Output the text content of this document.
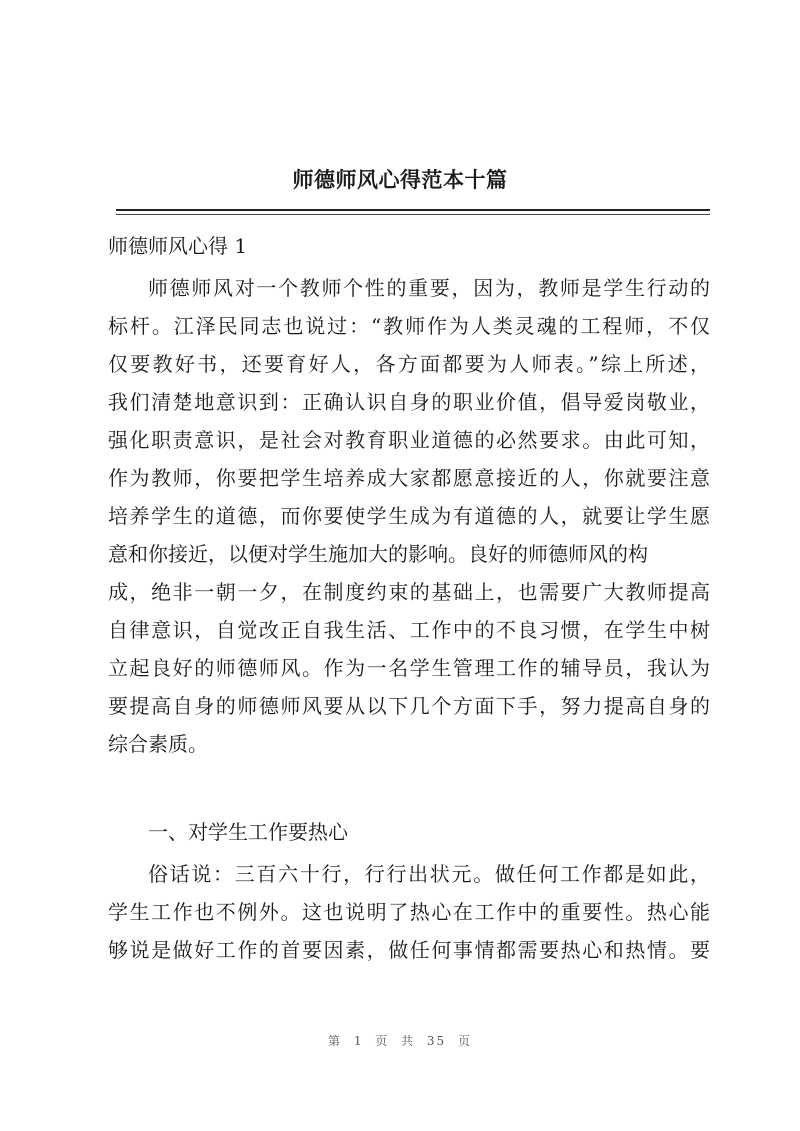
师德师风心得范本十篇
师德师风心得 1
师德师风对一个教师个性的重要，因为，教师是学生行动的
标杆。江泽民同志也说过：“教师作为人类灵魂的工程师，不仅
仅要教好书，还要育好人，各方面都要为人师表。”综上所述，
我们清楚地意识到：正确认识自身的职业价值，倡导爱岗敬业，
强化职责意识，是社会对教育职业道德的必然要求。由此可知，
作为教师，你要把学生培养成大家都愿意接近的人，你就要注意
培养学生的道德，而你要使学生成为有道德的人，就要让学生愿
意和你接近，以便对学生施加大的影响。良好的师德师风的构
成，绝非一朝一夕，在制度约束的基础上，也需要广大教师提高
自律意识，自觉改正自我生活、工作中的不良习惯，在学生中树
立起良好的师德师风。作为一名学生管理工作的辅导员，我认为
要提高自身的师德师风要从以下几个方面下手，努力提高自身的
综合素质。
一、对学生工作要热心
俗话说：三百六十行，行行出状元。做任何工作都是如此，
学生工作也不例外。这也说明了热心在工作中的重要性。热心能
够说是做好工作的首要因素，做任何事情都需要热心和热情。要
第 1 页 共 35 页
